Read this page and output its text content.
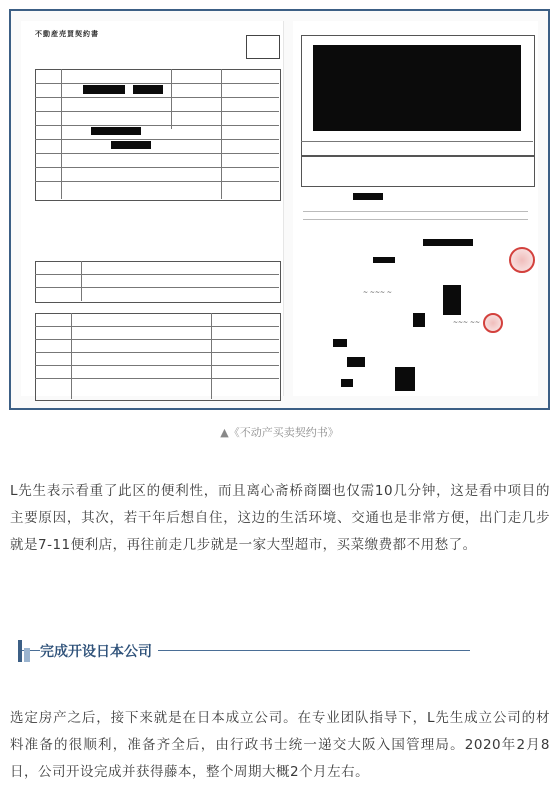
不動産売買契約書
~ ~~~ ~
~~~ ~~
▲《不动产买卖契约书》
L先生表示看重了此区的便利性，而且离心斋桥商圈也仅需10几分钟，这是看中项目的主要原因，其次，若干年后想自住，这边的生活环境、交通也是非常方便，出门走几步就是7-11便利店，再往前走几步就是一家大型超市，买菜缴费都不用愁了。
完成开设日本公司
选定房产之后，接下来就是在日本成立公司。在专业团队指导下，L先生成立公司的材料准备的很顺利，准备齐全后，由行政书士统一递交大阪入国管理局。2020年2月8日，公司开设完成并获得藤本，整个周期大概2个月左右。
